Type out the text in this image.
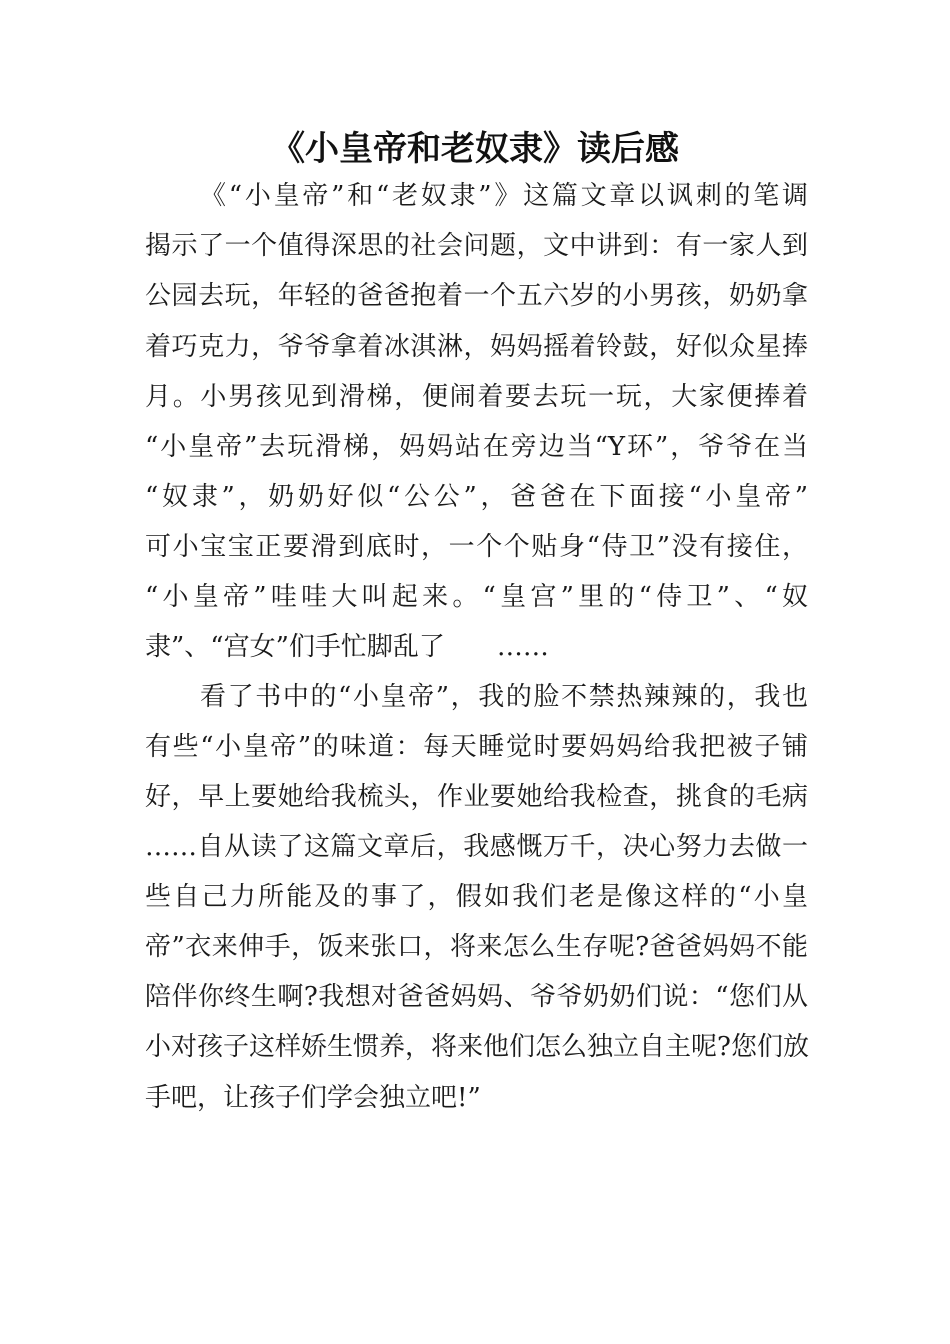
《小皇帝和老奴隶》读后感

《“小皇帝”和“老奴隶”》这篇文章以讽刺的笔调

揭示了一个值得深思的社会问题，文中讲到：有一家人到

公园去玩，年轻的爸爸抱着一个五六岁的小男孩，奶奶拿

着巧克力，爷爷拿着冰淇淋，妈妈摇着铃鼓，好似众星捧

月。小男孩见到滑梯，便闹着要去玩一玩，大家便捧着

“小皇帝”去玩滑梯，妈妈站在旁边当“Y环”，爷爷在当

“奴隶”，奶奶好似“公公”，爸爸在下面接“小皇帝”

可小宝宝正要滑到底时，一个个贴身“侍卫”没有接住，

“小皇帝”哇哇大叫起来。“皇宫”里的“侍卫”、“奴

隶”、“宫女”们手忙脚乱了　　……

看了书中的“小皇帝”，我的脸不禁热辣辣的，我也

有些“小皇帝”的味道：每天睡觉时要妈妈给我把被子铺

好，早上要她给我梳头，作业要她给我检查，挑食的毛病

……自从读了这篇文章后，我感慨万千，决心努力去做一

些自己力所能及的事了，假如我们老是像这样的“小皇

帝”衣来伸手，饭来张口，将来怎么生存呢?爸爸妈妈不能

陪伴你终生啊?我想对爸爸妈妈、爷爷奶奶们说：“您们从

小对孩子这样娇生惯养，将来他们怎么独立自主呢?您们放

手吧，让孩子们学会独立吧!”
